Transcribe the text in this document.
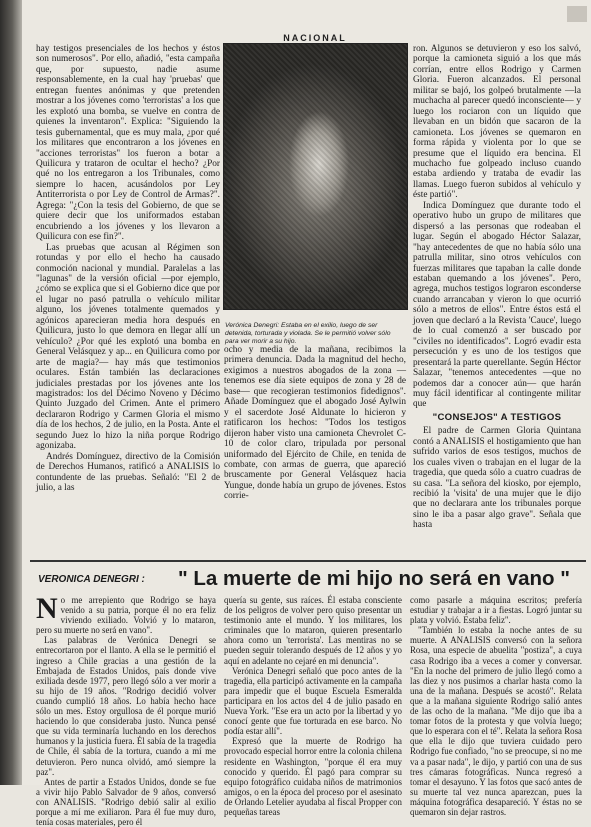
NACIONAL

hay testigos presenciales de los hechos y éstos son numerosos". Por ello, añadió, "esta campaña que, por supuesto, nadie asume responsablemente, en la cual hay 'pruebas' que entregan fuentes anónimas y que pretenden mostrar a los jóvenes como 'terroristas' a los que les explotó una bomba, se vuelve en contra de quienes la inventaron". Explica: "Siguiendo la tesis gubernamental, que es muy mala, ¿por qué los militares que encontraron a los jóvenes en "acciones terroristas" los fueron a botar a Quilicura y trataron de ocultar el hecho? ¿Por qué no los entregaron a los Tribunales, como siempre lo hacen, acusándolos por Ley Antiterrorista o por Ley de Control de Armas?". Agrega: "¿Con la tesis del Gobierno, de que se quiere decir que los uniformados estaban encubriendo a los jóvenes y los llevaron a Quilicura con ese fin?".

Las pruebas que acusan al Régimen son rotundas y por ello el hecho ha causado conmoción nacional y mundial. Paralelas a las "lagunas" de la versión oficial —por ejemplo, ¿cómo se explica que si el Gobierno dice que por el lugar no pasó patrulla o vehículo militar alguno, los jóvenes totalmente quemados y agónicos aparecieran media hora después en Quilicura, justo lo que demora en llegar allí un vehículo? ¿Por qué les explotó una bomba en General Velásquez y ap... en Quilicura como por arte de magia?— hay más que testimonios oculares. Están también las declaraciones judiciales prestadas por los jóvenes ante los magistrados: los del Décimo Noveno y Décimo Quinto Juzgado del Crimen. Ante el primero declararon Rodrigo y Carmen Gloria el mismo día de los hechos, 2 de julio, en la Posta. Ante el segundo Juez lo hizo la niña porque Rodrigo agonizaba.

Andrés Domínguez, directivo de la Comisión de Derechos Humanos, ratificó a ANALISIS lo contundente de las pruebas. Señaló: "El 2 de julio, a las

Verónica Denegri: Estaba en el exilio, luego de ser detenida, torturada y violada. Se le permitió volver sólo para ver morir a su hijo.

ocho y media de la mañana, recibimos la primera denuncia. Dada la magnitud del hecho, exigimos a nuestros abogados de la zona —tenemos ese día siete equipos de zona y 28 de base— que recogieran testimonios fidedignos". Añade Domínguez que el abogado José Aylwin y el sacerdote José Aldunate lo hicieron y ratificaron los hechos: "Todos los testigos dijeron haber visto una camioneta Chevrolet C-10 de color claro, tripulada por personal uniformado del Ejército de Chile, en tenida de combate, con armas de guerra, que apareció bruscamente por General Velásquez hacia Yungue, donde había un grupo de jóvenes. Estos corrie-

ron. Algunos se detuvieron y eso los salvó, porque la camioneta siguió a los que más corrían, entre ellos Rodrigo y Carmen Gloria. Fueron alcanzados. El personal militar se bajó, los golpeó brutalmente —la muchacha al parecer quedó inconsciente— y luego los rociaron con un líquido que llevaban en un bidón que sacaron de la camioneta. Los jóvenes se quemaron en forma rápida y violenta por lo que se presume que el líquido era bencina. El muchacho fue golpeado incluso cuando estaba ardiendo y trataba de evadir las llamas. Luego fueron subidos al vehículo y éste partió".

Indica Domínguez que durante todo el operativo hubo un grupo de militares que dispersó a las personas que rodeaban el lugar. Según el abogado Héctor Salazar, "hay antecedentes de que no había sólo una patrulla militar, sino otros vehículos con fuerzas militares que tapaban la calle donde estaban quemando a los jóvenes". Pero, agrega, muchos testigos lograron esconderse cuando arrancaban y vieron lo que ocurrió sólo a metros de ellos". Entre éstos está el joven que declaró a la Revista 'Cauce', luego de lo cual comenzó a ser buscado por "civiles no identificados". Logró evadir esta persecución y es uno de los testigos que presentará la parte querellante. Según Héctor Salazar, "tenemos antecedentes —que no podemos dar a conocer aún— que harán muy fácil identificar al contingente militar que

"CONSEJOS" A TESTIGOS

El padre de Carmen Gloria Quintana contó a ANALISIS el hostigamiento que han sufrido varios de esos testigos, muchos de los cuales viven o trabajan en el lugar de la tragedia, que queda sólo a cuatro cuadras de su casa. "La señora del kiosko, por ejemplo, recibió la 'visita' de una mujer que le dijo que no declarara ante los tribunales porque sino le iba a pasar algo grave". Señala que hasta

VERONICA DENEGRI : " La muerte de mi hijo no será en vano "
N o me arrepiento que Rodrigo se haya venido a su patria, porque él no era feliz viviendo exiliado. Volvió y lo mataron, pero su muerte no será en vano".

Las palabras de Verónica Denegri se entrecortaron por el llanto. A ella se le permitió el ingreso a Chile gracias a una gestión de la Embajada de Estados Unidos, país donde vive exiliada desde 1977, pero llegó sólo a ver morir a su hijo de 19 años. "Rodrigo decidió volver cuando cumplió 18 años. Lo había hecho hace sólo un mes. Estoy orgullosa de él porque murió haciendo lo que consideraba justo. Nunca pensé que su vida terminaría luchando en los derechos humanos y la justicia fuera. Él sabía de la tragedia de Chile, él sabía de la tortura, cuando a mí me detuvieron. Pero nunca olvidó, amó siempre la paz".

Antes de partir a Estados Unidos, donde se fue a vivir hijo Pablo Salvador de 9 años, conversó con ANALISIS. "Rodrigo debió salir al exilio porque a mí me exiliaron. Para él fue muy duro, tenía cosas materiales, pero él

quería su gente, sus raíces. Él estaba consciente de los peligros de volver pero quiso presentar un testimonio ante el mundo. Y los militares, los criminales que lo mataron, quieren presentarlo ahora como un 'terrorista'. Las mentiras no se pueden seguir tolerando después de 12 años y yo aquí en adelante no cejaré en mi denuncia".

Verónica Denegri señaló que poco antes de la tragedia, ella participó activamente en la campaña para impedir que el buque Escuela Esmeralda participara en los actos del 4 de julio pasado en Nueva York. "Ese era un acto por la libertad y yo conocí gente que fue torturada en ese barco. No podía estar allí".

Expresó que la muerte de Rodrigo ha provocado especial horror entre la colonia chilena residente en Washington, "porque él era muy conocido y querido. Él pagó para comprar su equipo fotográfico cuidaba niños de matrimonios amigos, o en la época del proceso por el asesinato de Orlando Letelier ayudaba al fiscal Propper con pequeñas tareas

como pasarle a máquina escritos; prefería estudiar y trabajar a ir a fiestas. Logró juntar su plata y volvió. Estaba feliz".

"También lo estaba la noche antes de su muerte. A ANALISIS conversó con la señora Rosa, una especie de abuelita "postiza", a cuya casa Rodrigo iba a veces a comer y conversar. "En la noche del primero de julio llegó como a las diez y nos pusimos a charlar hasta como la una de la mañana. Después se acostó". Relata que a la mañana siguiente Rodrigo salió antes de las ocho de la mañana. "Me dijo que iba a tomar fotos de la protesta y que volvía luego; que lo esperara con el té". Relata la señora Rosa que ella le dijo que tuviera cuidado pero Rodrigo fue confiado, "no se preocupe, si no me va a pasar nada", le dijo, y partió con una de sus tres cámaras fotográficas. Nunca regresó a tomar el desayuno. Y las fotos que sacó antes de su muerte tal vez nunca aparezcan, pues la máquina fotográfica desapareció. Y éstas no se quemaron sin dejar rastros.
